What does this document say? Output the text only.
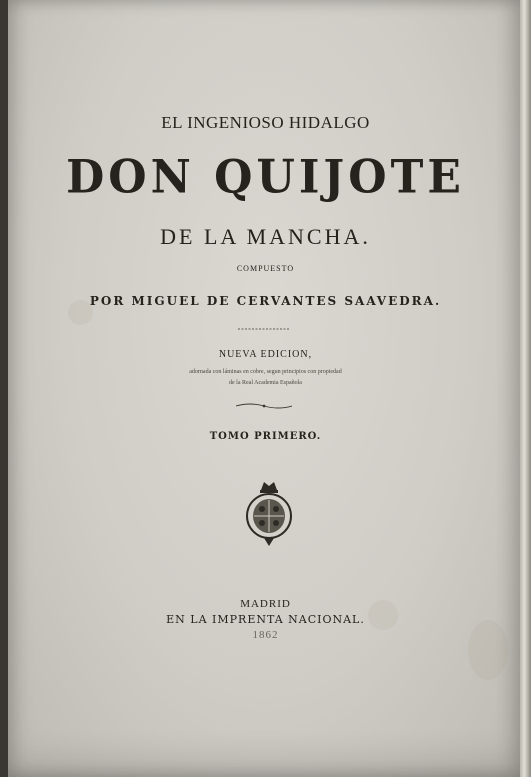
EL INGENIOSO HIDALGO
DON QUIJOTE
DE LA MANCHA.
COMPUESTO
POR MIGUEL DE CERVANTES SAAVEDRA.
NUEVA EDICION,
adornada con láminas en cobre, segun principios con propiedad
de la Real Academia Española
TOMO PRIMERO.
MADRID
EN LA IMPRENTA NACIONAL.
1862
